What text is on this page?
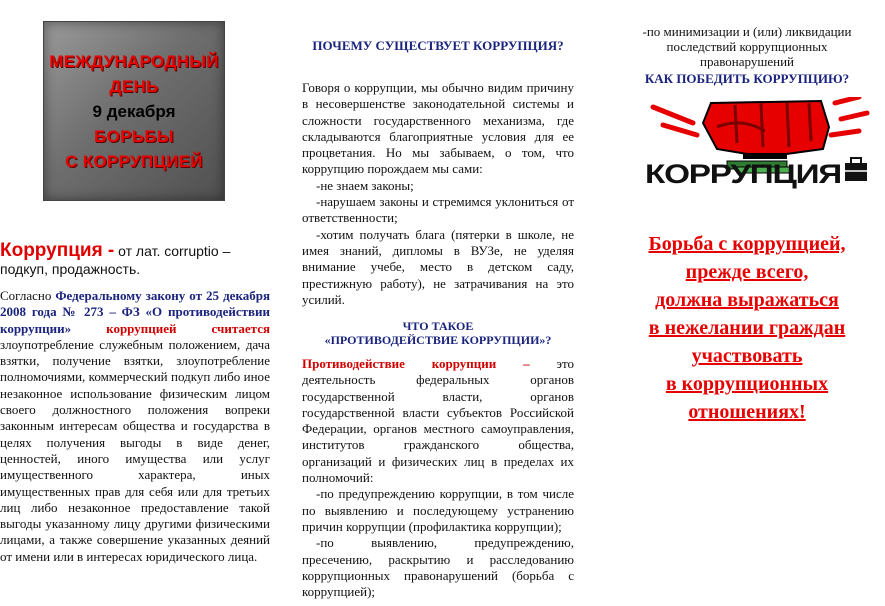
МЕЖДУНАРОДНЫЙ
ДЕНЬ
9 декабря
БОРЬБЫ
С КОРРУПЦИЕЙ
Коррупция - от лат. corruptio – подкуп, продажность.

Согласно Федеральному закону от 25 декабря 2008 года № 273 – ФЗ «О противодействии коррупции»	коррупцией считается злоупотребление служебным положением, дача взятки, получение взятки, злоупотребление полномочиями, коммерческий подкуп либо иное незаконное использование физическим лицом своего должностного положения вопреки законным интересам общества и государства в целях получения выгоды в виде денег, ценностей, иного имущества или услуг имущественного характера, иных имущественных прав для себя или для третьих лиц либо незаконное предоставление такой выгоды указанному лицу другими физическими лицами, а также совершение указанных деяний от имени или в интересах юридического лица.

ПОЧЕМУ СУЩЕСТВУЕТ КОРРУПЦИЯ?

Говоря о коррупции, мы обычно видим причину в несовершенстве законодательной системы и сложности государственного механизма, где складываются благоприятные условия для ее процветания. Но мы забываем, о том, что коррупцию порождаем мы сами:
-не знаем законы;
-нарушаем законы и стремимся уклониться от ответственности;
-хотим получать блага (пятерки в школе, не имея знаний, дипломы в ВУЗе, не уделяя внимание учебе, место в детском саду, престижную работу), не затрачивания на это усилий.

ЧТО ТАКОЕ
«ПРОТИВОДЕЙСТВИЕ КОРРУПЦИИ»?

Противодействие коррупции – это деятельность федеральных органов государственной власти, органов государственной власти субъектов Российской Федерации, органов местного самоуправления, институтов гражданского общества, организаций и физических лиц в пределах их полномочий:
-по предупреждению коррупции, в том числе по выявлению и последующему устранению причин коррупции (профилактика коррупции);
-по выявлению, предупреждению, пресечению, раскрытию и расследованию коррупционных правонарушений (борьба с коррупцией);

-по минимизации и (или) ликвидации последствий коррупционных правонарушений
КАК ПОБЕДИТЬ КОРРУПЦИЮ?
КОРРУПЦИЯ
Борьба с коррупцией,
прежде всего,
должна выражаться
в нежелании граждан
участвовать
в коррупционных
отношениях!
